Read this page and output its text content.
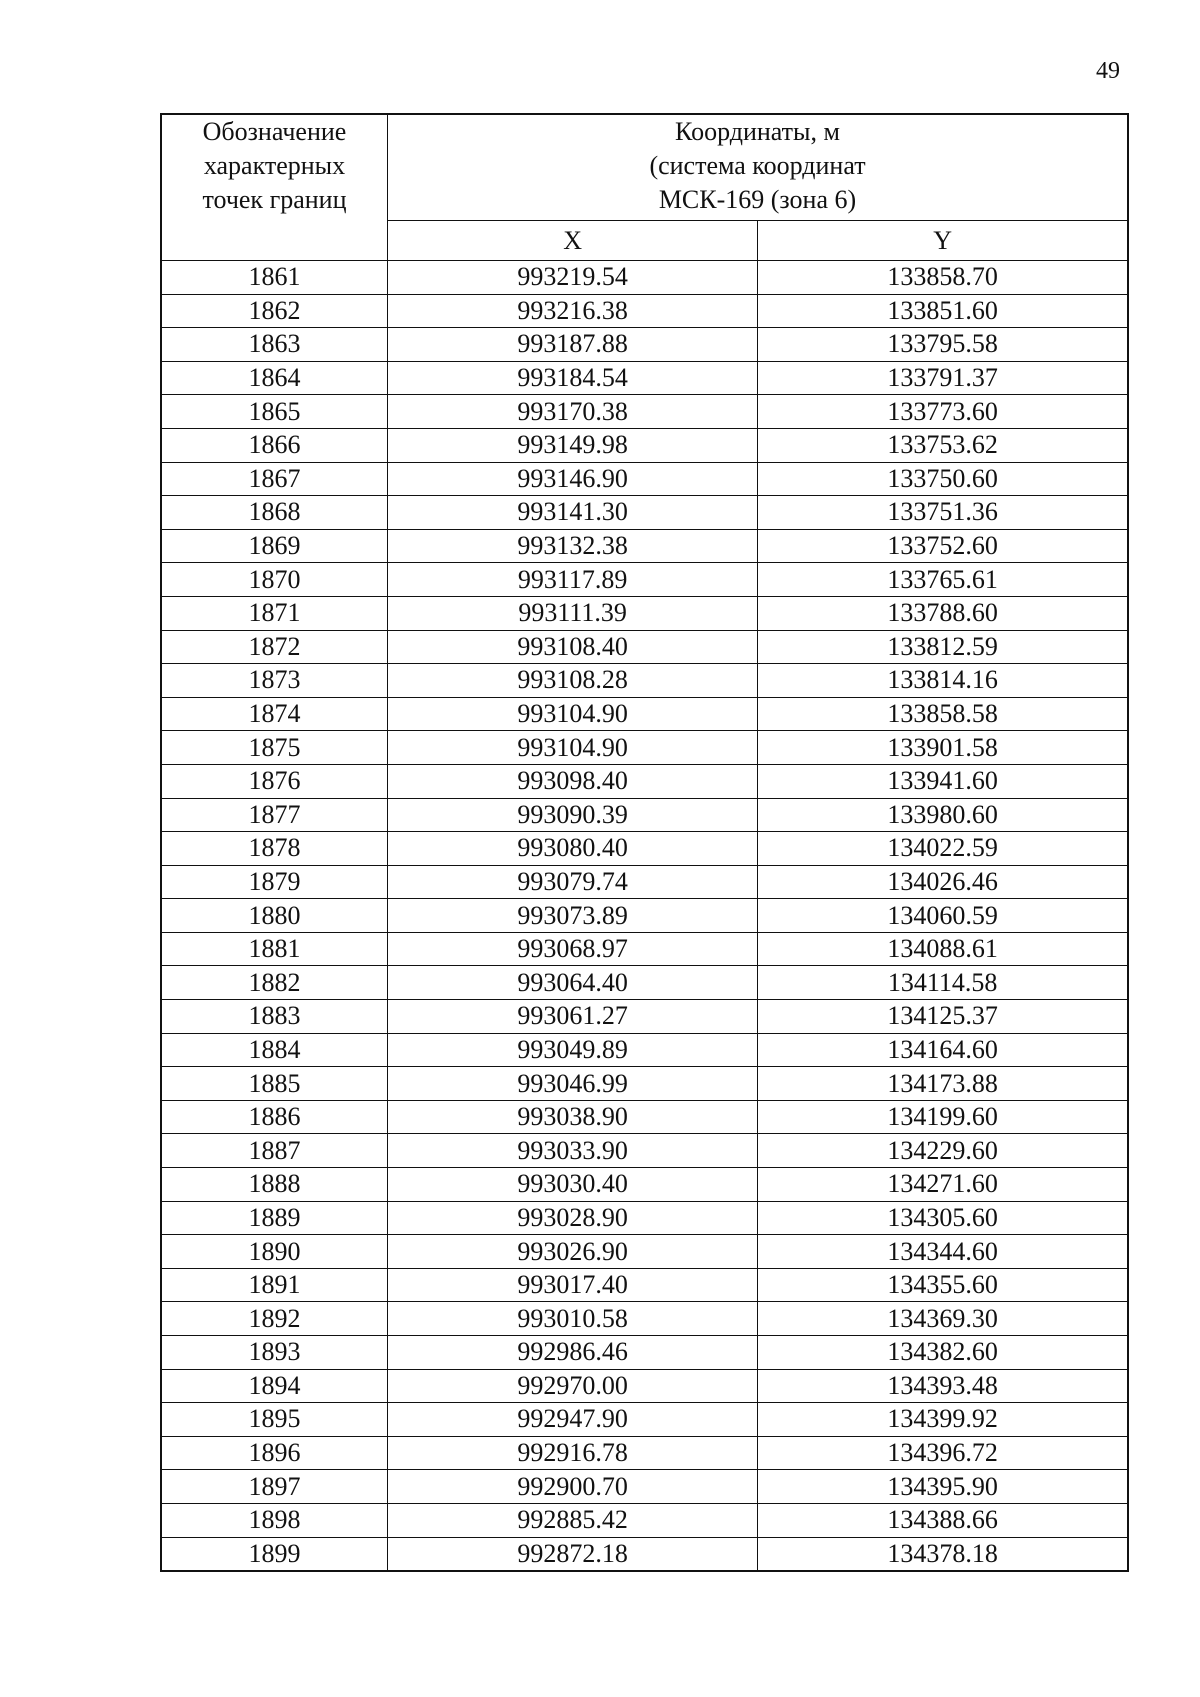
49
Обозначение
характерных
точек границ	Координаты, м
(система координат
МСК-169 (зона 6)	

	X	Y
1861	993219.54	133858.70
1862	993216.38	133851.60
1863	993187.88	133795.58
1864	993184.54	133791.37
1865	993170.38	133773.60
1866	993149.98	133753.62
1867	993146.90	133750.60
1868	993141.30	133751.36
1869	993132.38	133752.60
1870	993117.89	133765.61
1871	993111.39	133788.60
1872	993108.40	133812.59
1873	993108.28	133814.16
1874	993104.90	133858.58
1875	993104.90	133901.58
1876	993098.40	133941.60
1877	993090.39	133980.60
1878	993080.40	134022.59
1879	993079.74	134026.46
1880	993073.89	134060.59
1881	993068.97	134088.61
1882	993064.40	134114.58
1883	993061.27	134125.37
1884	993049.89	134164.60
1885	993046.99	134173.88
1886	993038.90	134199.60
1887	993033.90	134229.60
1888	993030.40	134271.60
1889	993028.90	134305.60
1890	993026.90	134344.60
1891	993017.40	134355.60
1892	993010.58	134369.30
1893	992986.46	134382.60
1894	992970.00	134393.48
1895	992947.90	134399.92
1896	992916.78	134396.72
1897	992900.70	134395.90
1898	992885.42	134388.66
1899	992872.18	134378.18
